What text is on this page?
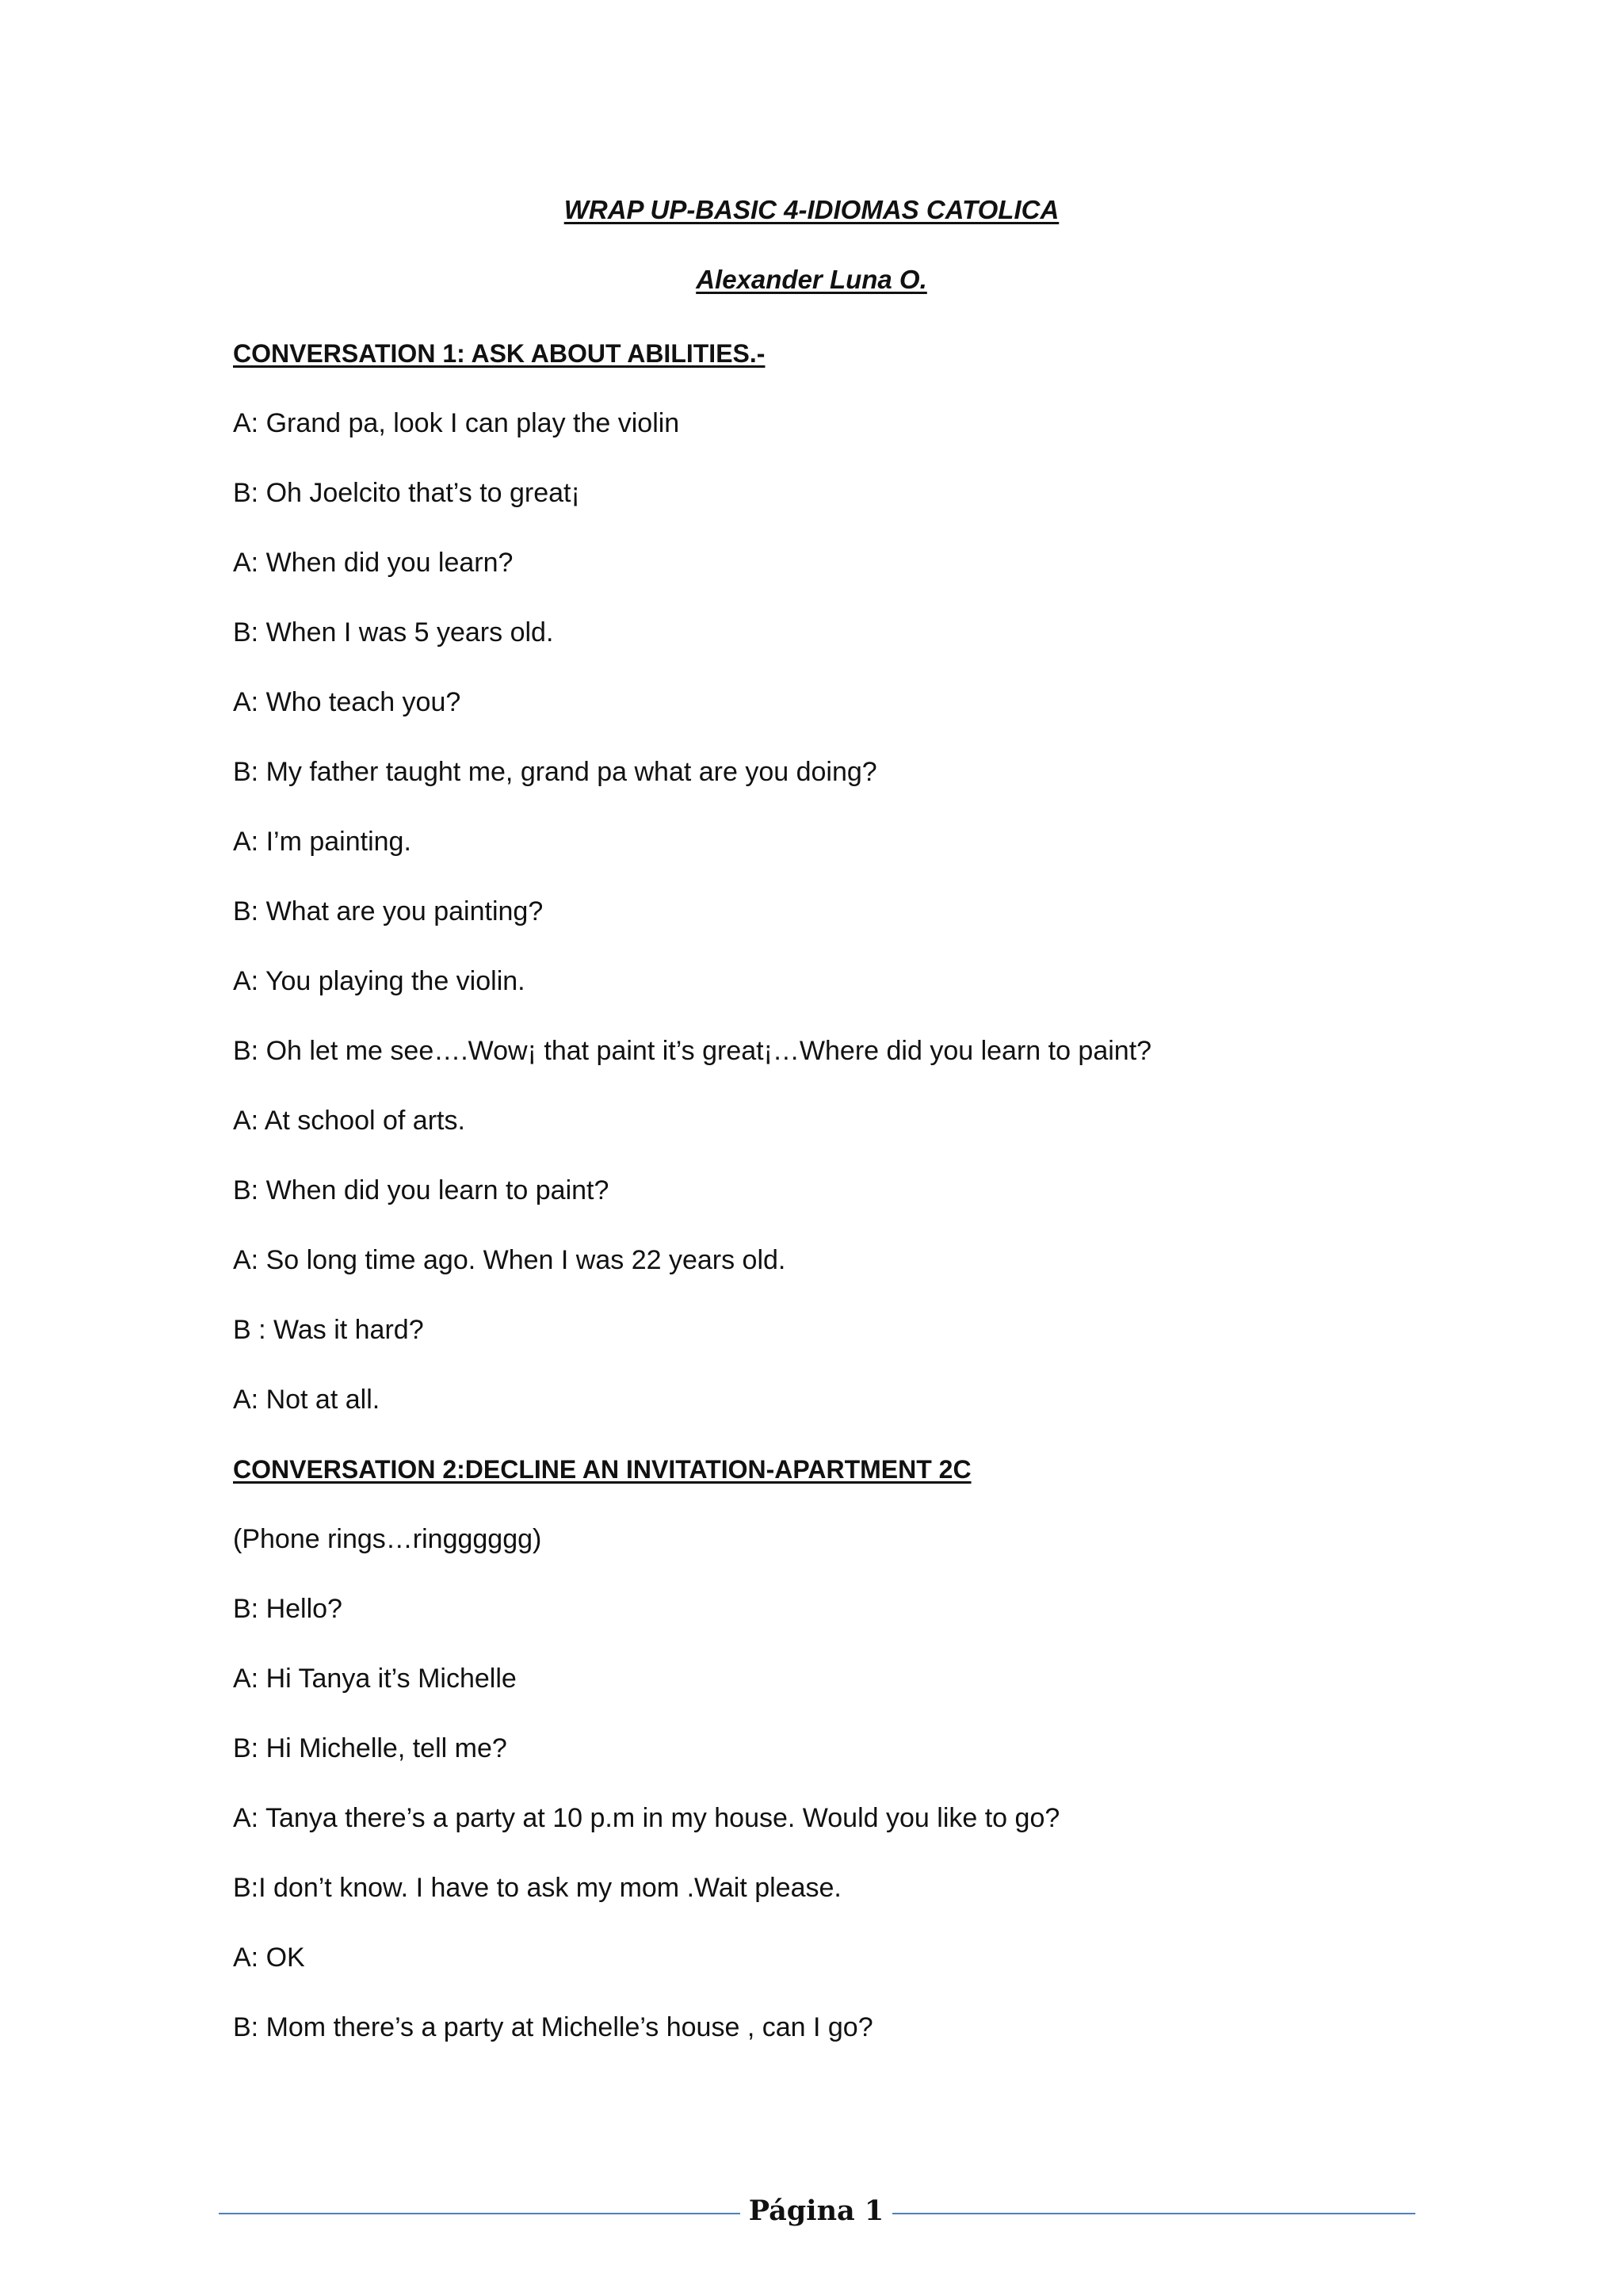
WRAP UP-BASIC 4-IDIOMAS CATOLICA
Alexander Luna O.
CONVERSATION 1: ASK ABOUT ABILITIES.-
A: Grand pa, look I can play the violin
B: Oh Joelcito that’s to great¡
A: When did you learn?
B: When I was 5 years old.
A: Who teach you?
B: My father taught me, grand pa what are you doing?
A: I’m painting.
B: What are you painting?
A: You playing the violin.
B: Oh let me see….Wow¡ that paint it’s great¡…Where did you learn to paint?
A: At school of arts.
B: When did you learn to paint?
A: So long time ago. When I was 22 years old.
B : Was it hard?
A: Not at all.
CONVERSATION 2:DECLINE AN INVITATION-APARTMENT 2C
(Phone rings…ringggggg)
B: Hello?
A: Hi Tanya it’s Michelle
B: Hi Michelle, tell me?
A: Tanya there’s a party at 10 p.m in my house. Would you like to go?
B:I don’t know. I have to ask my mom .Wait please.
A: OK
B: Mom there’s a party at Michelle’s house , can I go?
Página 1
